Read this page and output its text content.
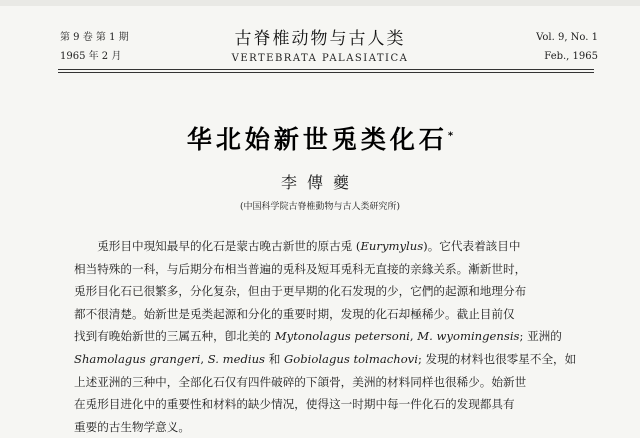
第 9 卷 第 1 期
1965 年 2 月
古脊椎动物与古人类
VERTEBRATA PALASIATICA
Vol. 9, No. 1
Feb., 1965
华北始新世兎类化石*
李傳夔
(中国科学院古脊椎動物与古人类研究所)
兎形目中現知最早的化石是蒙古晚古新世的原古兎 (Eurymylus)。它代表着該目中
相当特殊的一科，与后期分布相当普遍的兎科及短耳兎科无直接的亲緣关系。漸新世时，
兎形目化石已很繁多，分化复杂，但由于更早期的化石发現的少，它們的起源和地理分布
都不很清楚。始新世是兎类起源和分化的重要时期，发現的化石却極稀少。截止目前仅
找到有晚始新世的三属五种，卽北美的 Mytonolagus petersoni, M. wyomingensis; 亚洲的
Shamolagus grangeri, S. medius 和 Gobiolagus tolmachovi; 发現的材料也很零星不全，如
上述亚洲的三种中，全部化石仅有四件破碎的下頜骨，美洲的材料同样也很稀少。始新世
在兎形目进化中的重要性和材料的缺少情况，使得这一时期中每一件化石的发现都具有
重要的古生物学意义。
